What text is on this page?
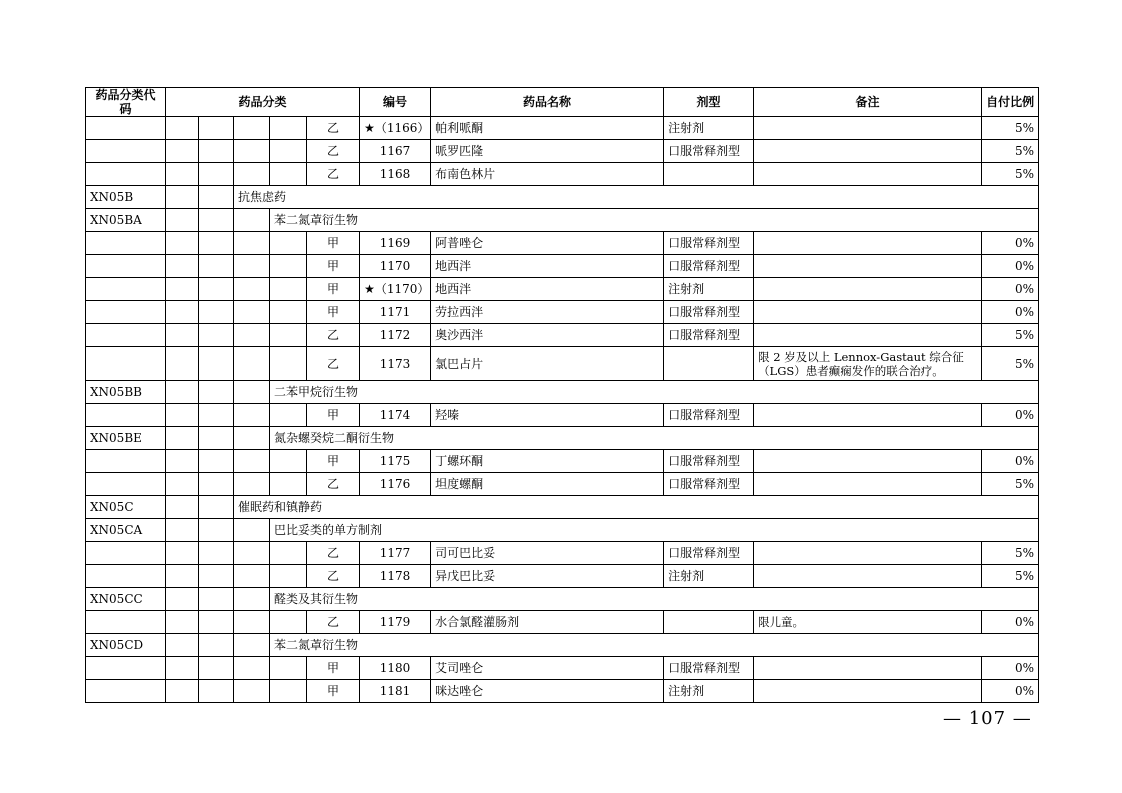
药品分类代码	药品分类					编号	药品名称	剂型	备注	自付比例
					乙	★（1166）	帕利哌酮	注射剂		5%
					乙	1167	哌罗匹隆	口服常释剂型		5%
					乙	1168	布南色林片			5%
XN05B			抗焦虑药							
XN05BA				苯二氮䓬衍生物						
					甲	1169	阿普唑仑	口服常释剂型		0%
					甲	1170	地西泮	口服常释剂型		0%
					甲	★（1170）	地西泮	注射剂		0%
					甲	1171	劳拉西泮	口服常释剂型		0%
					乙	1172	奥沙西泮	口服常释剂型		5%
					乙	1173	氯巴占片		限 2 岁及以上 Lennox-Gastaut 综合征（LGS）患者癫痫发作的联合治疗。	5%
XN05BB				二苯甲烷衍生物						
					甲	1174	羟嗪	口服常释剂型		0%
XN05BE				氮杂螺癸烷二酮衍生物						
					甲	1175	丁螺环酮	口服常释剂型		0%
					乙	1176	坦度螺酮	口服常释剂型		5%
XN05C			催眠药和镇静药							
XN05CA				巴比妥类的单方制剂						
					乙	1177	司可巴比妥	口服常释剂型		5%
					乙	1178	异戊巴比妥	注射剂		5%
XN05CC				醛类及其衍生物						
					乙	1179	水合氯醛灌肠剂		限儿童。	0%
XN05CD				苯二氮䓬衍生物						
					甲	1180	艾司唑仑	口服常释剂型		0%
					甲	1181	咪达唑仑	注射剂		0%
— 107 —
